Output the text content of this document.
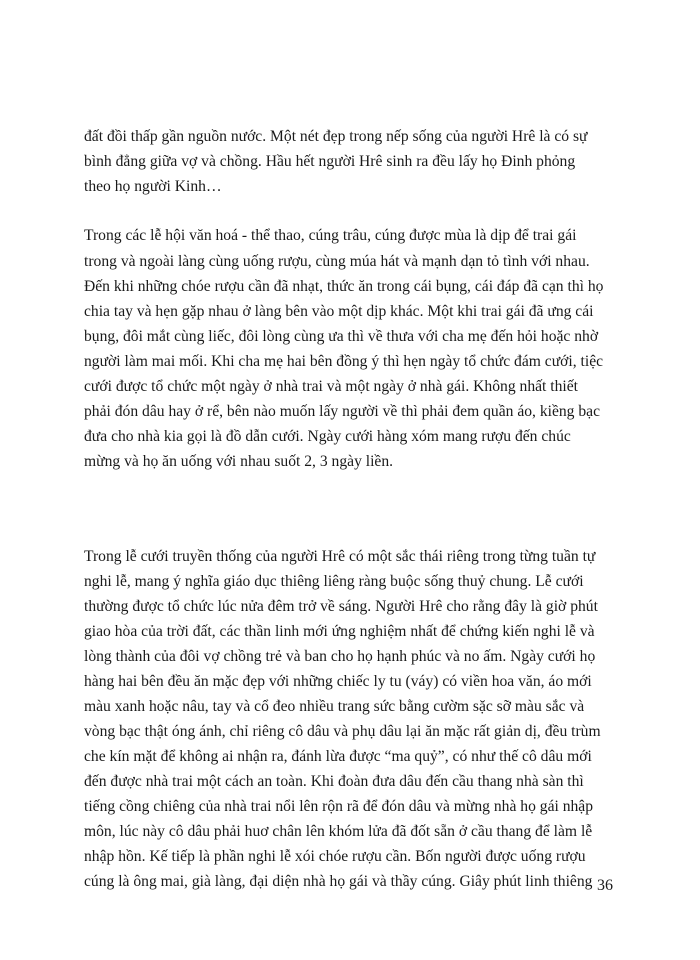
đất đồi thấp gần nguồn nước. Một nét đẹp trong nếp sống của người Hrê là có sự

bình đẳng giữa vợ và chồng. Hầu hết người Hrê sinh ra đều lấy họ Đinh phỏng

theo họ người Kinh…

Trong các lễ hội văn hoá - thể thao, cúng trâu, cúng được mùa là dịp để trai gái

trong và ngoài làng cùng uống rượu, cùng múa hát và mạnh dạn tỏ tình với nhau.

Đến khi những chóe rượu cần đã nhạt, thức ăn trong cái bụng, cái đáp đã cạn thì họ

chia tay và hẹn gặp nhau ở làng bên vào một dịp khác. Một khi trai gái đã ưng cái

bụng, đôi mắt cùng liếc, đôi lòng cùng ưa thì về thưa với cha mẹ đến hỏi hoặc nhờ

người làm mai mối. Khi cha mẹ hai bên đồng ý thì hẹn ngày tổ chức đám cưới, tiệc

cưới được tổ chức một ngày ở nhà trai và một ngày ở nhà gái. Không nhất thiết

phải đón dâu hay ở rể, bên nào muốn lấy người về thì phải đem quần áo, kiềng bạc

đưa cho nhà kia gọi là đồ dẫn cưới. Ngày cưới hàng xóm mang rượu đến chúc

mừng và họ ăn uống với nhau suốt 2, 3 ngày liền.

Trong lễ cưới truyền thống của người Hrê có một sắc thái riêng trong từng tuần tự

nghi lễ, mang ý nghĩa giáo dục thiêng liêng ràng buộc sống thuỷ chung. Lễ cưới

thường được tổ chức lúc nửa đêm trở về sáng. Người Hrê cho rằng đây là giờ phút

giao hòa của trời đất, các thần linh mới ứng nghiệm nhất để chứng kiến nghi lễ và

lòng thành của đôi vợ chồng trẻ và ban cho họ hạnh phúc và no ấm. Ngày cưới họ

hàng hai bên đều ăn mặc đẹp với những chiếc ly tu (váy) có viền hoa văn, áo mới

màu xanh hoặc nâu, tay và cổ đeo nhiều trang sức bằng cườm sặc sỡ màu sắc và

vòng bạc thật óng ánh, chỉ riêng cô dâu và phụ dâu lại ăn mặc rất giản dị, đều trùm

che kín mặt để không ai nhận ra, đánh lừa được “ma quỷ”, có như thế cô dâu mới

đến được nhà trai một cách an toàn. Khi đoàn đưa dâu đến cầu thang nhà sàn thì

tiếng cồng chiêng của nhà trai nổi lên rộn rã để đón dâu và mừng nhà họ gái nhập

môn, lúc này cô dâu phải huơ chân lên khóm lửa đã đốt sẵn ở cầu thang để làm lễ

nhập hồn. Kế tiếp là phần nghi lễ xói chóe rượu cần. Bốn người được uống rượu

cúng là ông mai, già làng, đại diện nhà họ gái và thầy cúng. Giây phút linh thiêng 36
